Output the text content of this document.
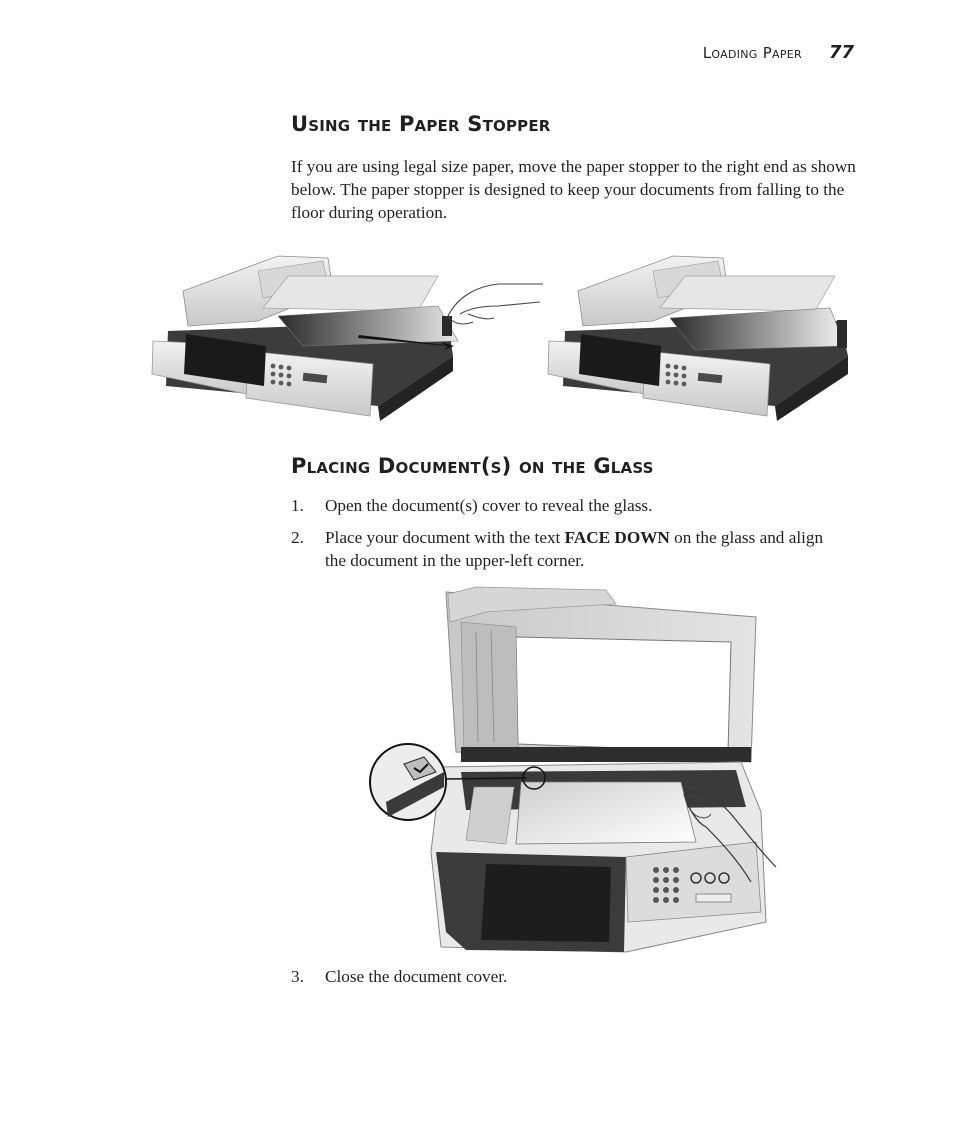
Loading Paper 77
Using the Paper Stopper

If you are using legal size paper, move the paper stopper to the right end as shown below. The paper stopper is designed to keep your documents from falling to the floor during operation.

Placing Document(s) on the Glass
1. Open the document(s) cover to reveal the glass.
2. Place your document with the text FACE DOWN on the glass and align the document in the upper-left corner.
3. Close the document cover.
